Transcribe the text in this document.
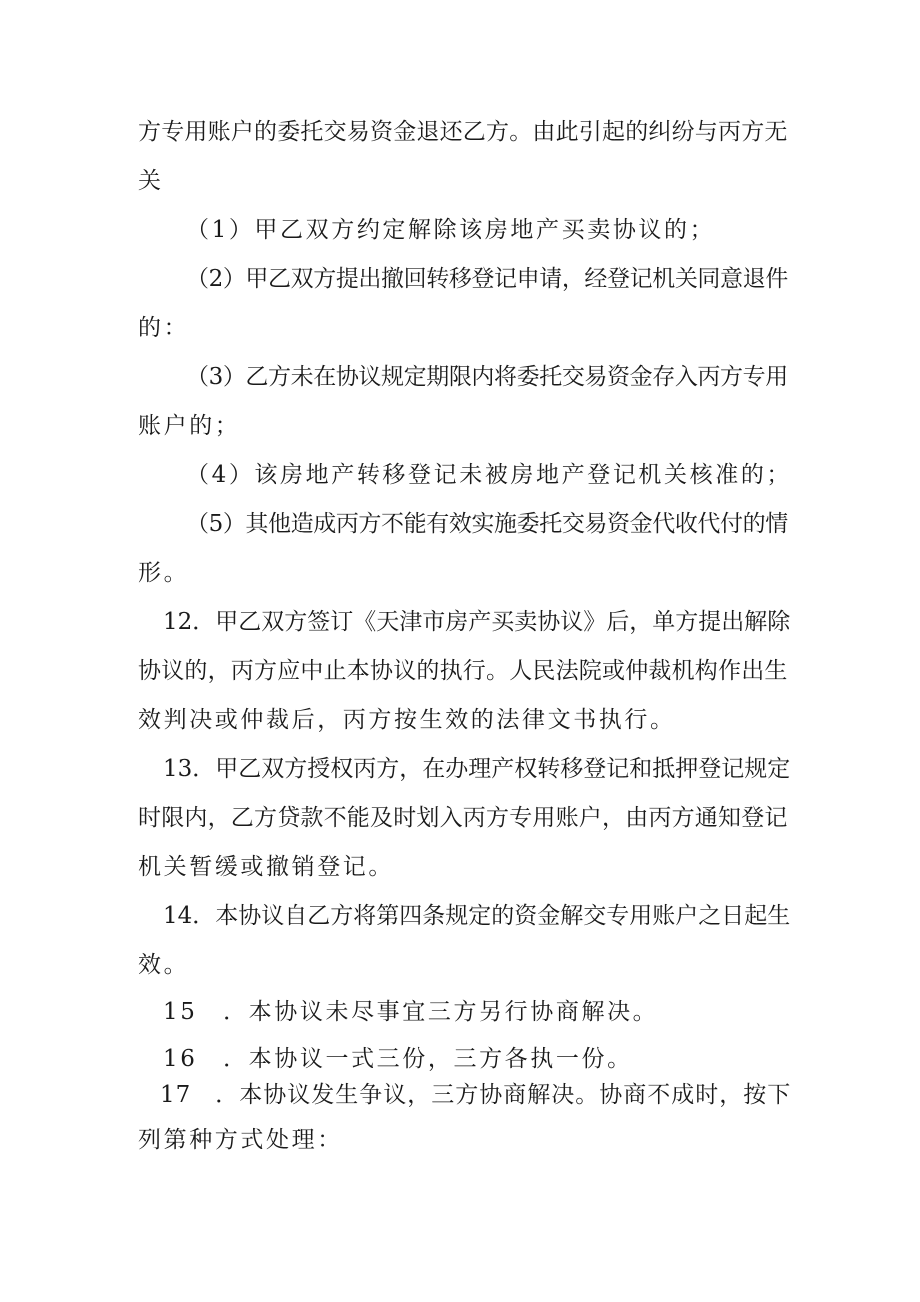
方专用账户的委托交易资金退还乙方。由此引起的纠纷与丙方无
关
（1）甲乙双方约定解除该房地产买卖协议的；
（2）甲乙双方提出撤回转移登记申请，经登记机关同意退件
的：
（3）乙方未在协议规定期限内将委托交易资金存入丙方专用
账户的；
（4）该房地产转移登记未被房地产登记机关核准的；
（5）其他造成丙方不能有效实施委托交易资金代收代付的情
形。
12．甲乙双方签订《天津市房产买卖协议》后，单方提出解除
协议的，丙方应中止本协议的执行。人民法院或仲裁机构作出生
效判决或仲裁后，丙方按生效的法律文书执行。
13．甲乙双方授权丙方，在办理产权转移登记和抵押登记规定
时限内，乙方贷款不能及时划入丙方专用账户，由丙方通知登记
机关暂缓或撤销登记。
14．本协议自乙方将第四条规定的资金解交专用账户之日起生
效。
15　．本协议未尽事宜三方另行协商解决。
16　．本协议一式三份，三方各执一份。
17　．本协议发生争议，三方协商解决。协商不成时，按下
列第种方式处理：
